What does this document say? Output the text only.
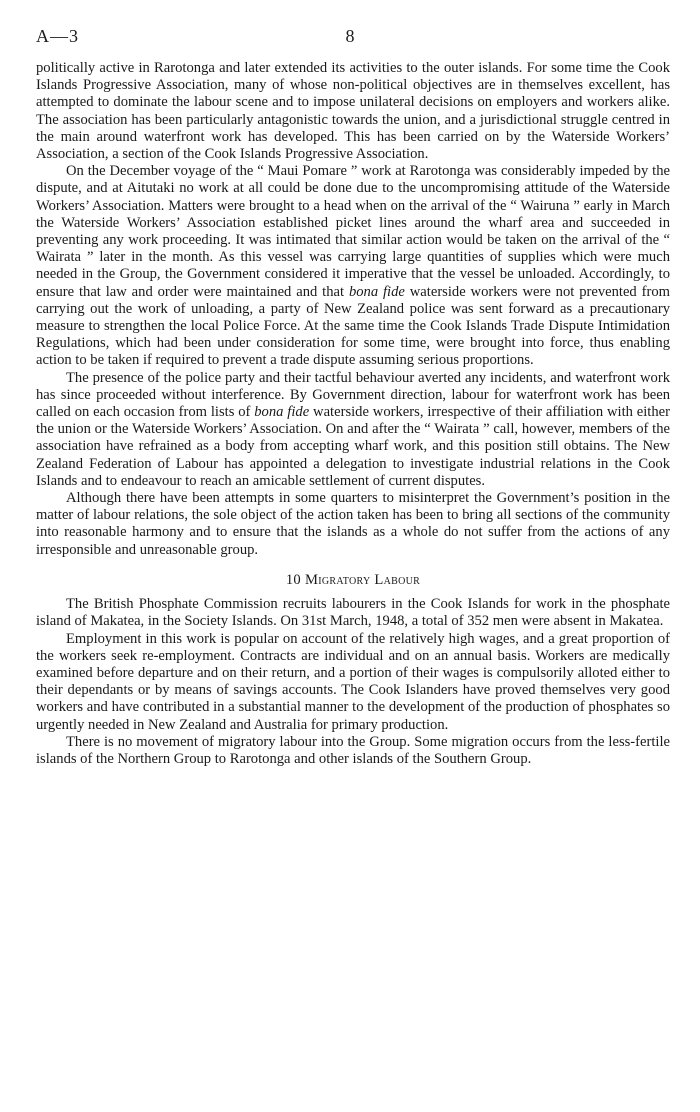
A—3	8

politically active in Rarotonga and later extended its activities to the outer islands. For some time the Cook Islands Progressive Association, many of whose non-political objectives are in themselves excellent, has attempted to dominate the labour scene and to impose unilateral decisions on employers and workers alike. The association has been particularly antagonistic towards the union, and a jurisdictional struggle centred in the main around waterfront work has developed. This has been carried on by the Waterside Workers’ Association, a section of the Cook Islands Progressive Association.

On the December voyage of the “ Maui Pomare ” work at Rarotonga was considerably impeded by the dispute, and at Aitutaki no work at all could be done due to the uncompromising attitude of the Waterside Workers’ Association. Matters were brought to a head when on the arrival of the “ Wairuna ” early in March the Waterside Workers’ Association established picket lines around the wharf area and succeeded in preventing any work proceeding. It was intimated that similar action would be taken on the arrival of the “ Wairata ” later in the month. As this vessel was carrying large quantities of supplies which were much needed in the Group, the Government considered it imperative that the vessel be unloaded. Accordingly, to ensure that law and order were maintained and that bona fide waterside workers were not prevented from carrying out the work of unloading, a party of New Zealand police was sent forward as a precautionary measure to strengthen the local Police Force. At the same time the Cook Islands Trade Dispute Intimidation Regulations, which had been under consideration for some time, were brought into force, thus enabling action to be taken if required to prevent a trade dispute assuming serious proportions.

The presence of the police party and their tactful behaviour averted any incidents, and waterfront work has since proceeded without interference. By Government direction, labour for waterfront work has been called on each occasion from lists of bona fide waterside workers, irrespective of their affiliation with either the union or the Waterside Workers’ Association. On and after the “ Wairata ” call, however, members of the association have refrained as a body from accepting wharf work, and this position still obtains. The New Zealand Federation of Labour has appointed a delegation to investigate industrial relations in the Cook Islands and to endeavour to reach an amicable settlement of current disputes.

Although there have been attempts in some quarters to misinterpret the Government’s position in the matter of labour relations, the sole object of the action taken has been to bring all sections of the community into reasonable harmony and to ensure that the islands as a whole do not suffer from the actions of any irresponsible and unreasonable group.

10 Migratory Labour

The British Phosphate Commission recruits labourers in the Cook Islands for work in the phosphate island of Makatea, in the Society Islands. On 31st March, 1948, a total of 352 men were absent in Makatea.

Employment in this work is popular on account of the relatively high wages, and a great proportion of the workers seek re-employment. Contracts are individual and on an annual basis. Workers are medically examined before departure and on their return, and a portion of their wages is compulsorily alloted either to their dependants or by means of savings accounts. The Cook Islanders have proved themselves very good workers and have contributed in a substantial manner to the development of the production of phosphates so urgently needed in New Zealand and Australia for primary production.

There is no movement of migratory labour into the Group. Some migration occurs from the less-fertile islands of the Northern Group to Rarotonga and other islands of the Southern Group.
